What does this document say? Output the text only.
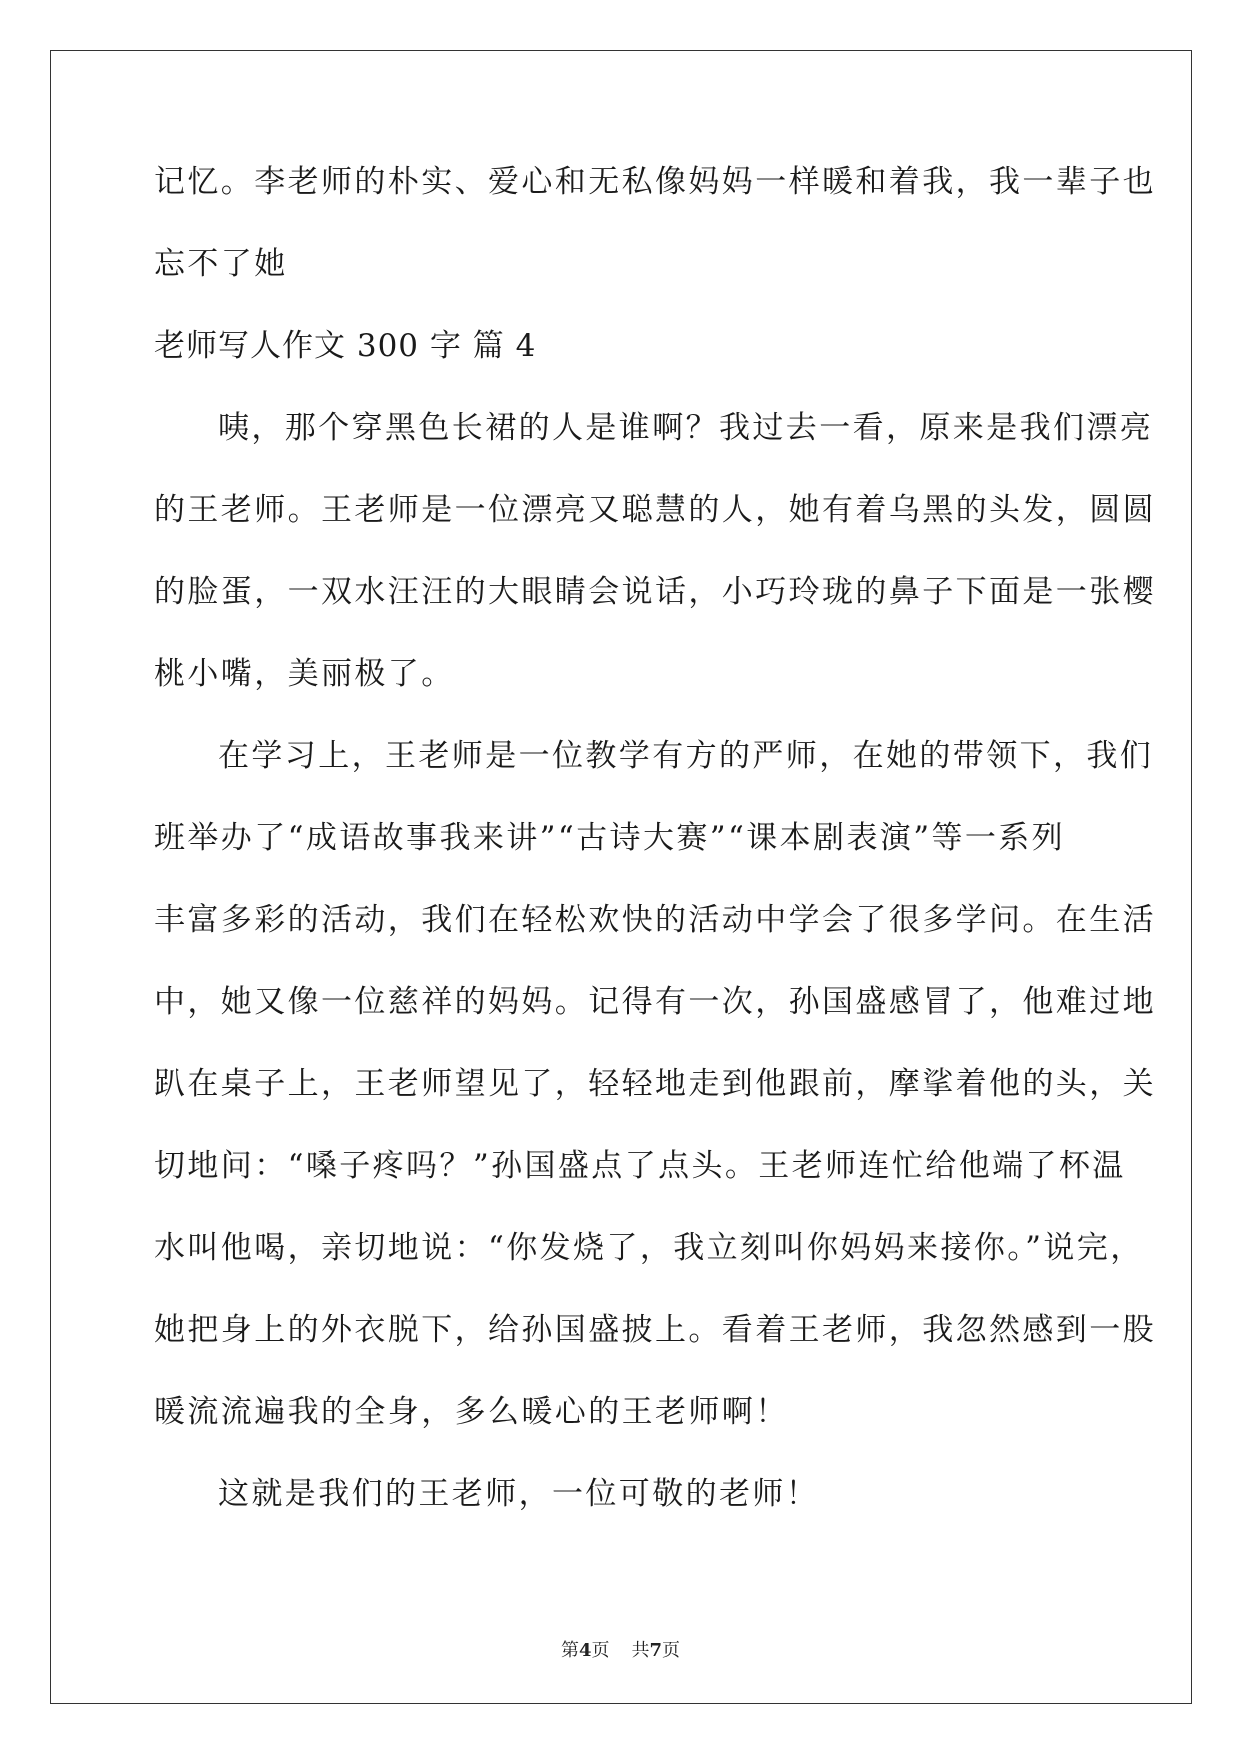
记忆。李老师的朴实、爱心和无私像妈妈一样暖和着我，我一辈子也
忘不了她
老师写人作文 300 字 篇 4
咦，那个穿黑色长裙的人是谁啊？我过去一看，原来是我们漂亮
的王老师。王老师是一位漂亮又聪慧的人，她有着乌黑的头发，圆圆
的脸蛋，一双水汪汪的大眼睛会说话，小巧玲珑的鼻子下面是一张樱
桃小嘴，美丽极了。
在学习上，王老师是一位教学有方的严师，在她的带领下，我们
班举办了“成语故事我来讲”“古诗大赛”“课本剧表演”等一系列
丰富多彩的活动，我们在轻松欢快的活动中学会了很多学问。在生活
中，她又像一位慈祥的妈妈。记得有一次，孙国盛感冒了，他难过地
趴在桌子上，王老师望见了，轻轻地走到他跟前，摩挲着他的头，关
切地问：“嗓子疼吗？”孙国盛点了点头。王老师连忙给他端了杯温
水叫他喝，亲切地说：“你发烧了，我立刻叫你妈妈来接你。”说完，
她把身上的外衣脱下，给孙国盛披上。看着王老师，我忽然感到一股
暖流流遍我的全身，多么暖心的王老师啊！
这就是我们的王老师，一位可敬的老师！
第4页 共7页
